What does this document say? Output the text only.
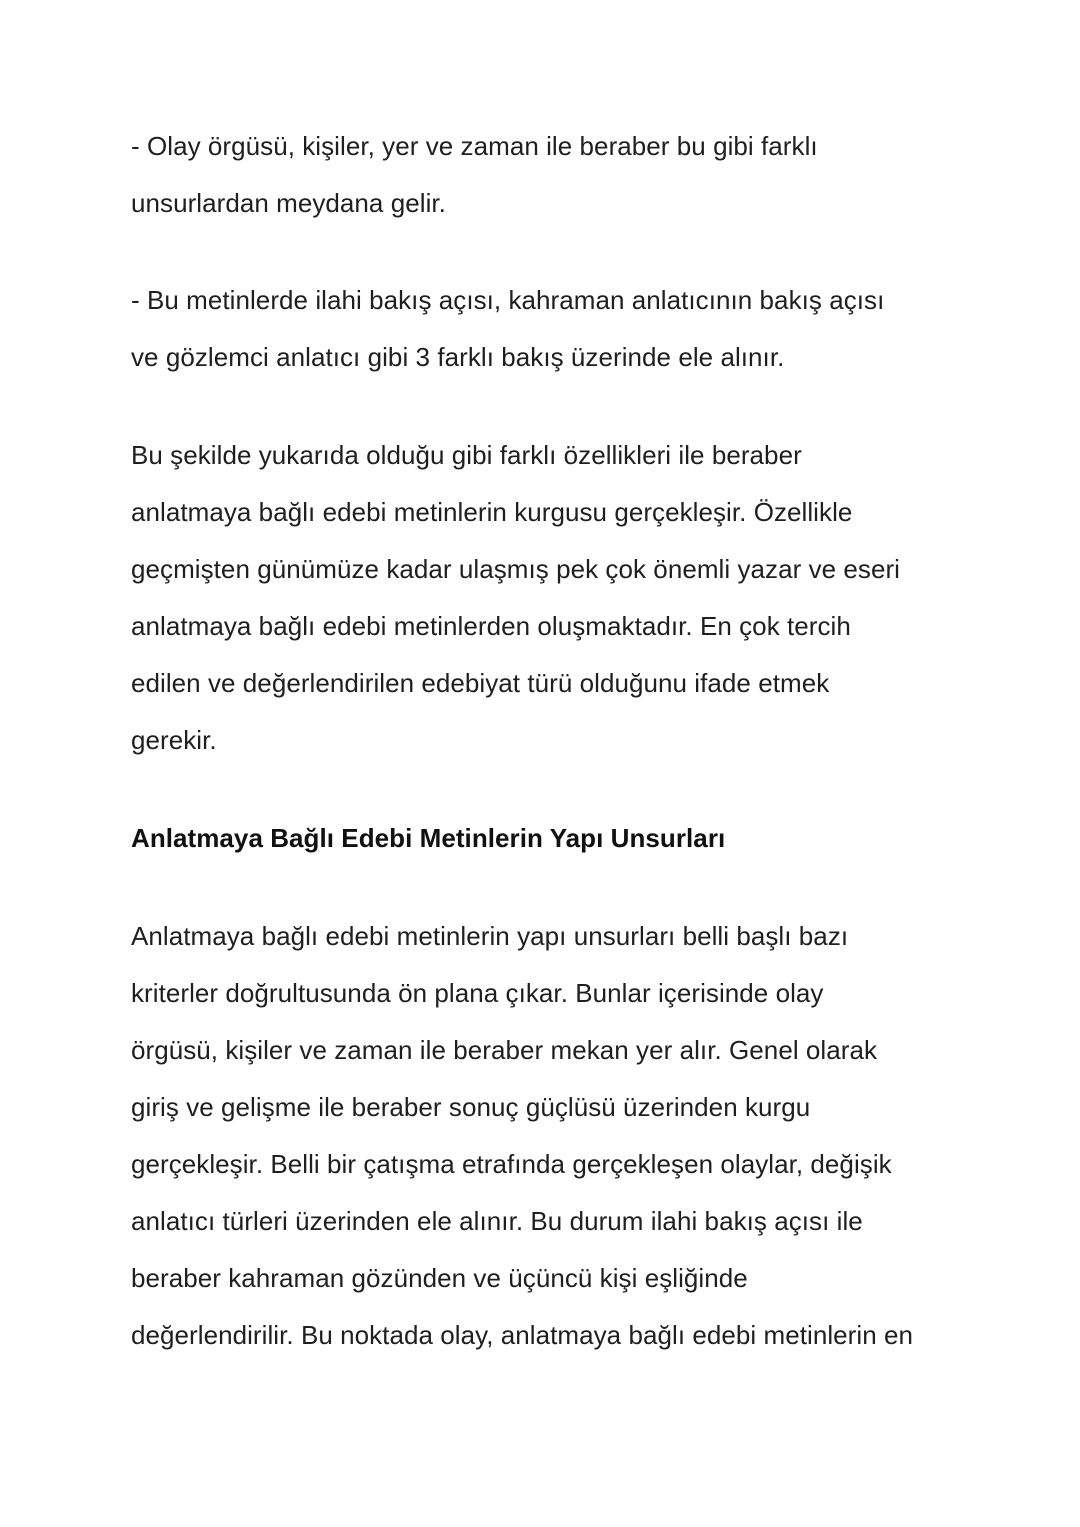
- Olay örgüsü, kişiler, yer ve zaman ile beraber bu gibi farklı
unsurlardan meydana gelir.
- Bu metinlerde ilahi bakış açısı, kahraman anlatıcının bakış açısı
ve gözlemci anlatıcı gibi 3 farklı bakış üzerinde ele alınır.
Bu şekilde yukarıda olduğu gibi farklı özellikleri ile beraber
anlatmaya bağlı edebi metinlerin kurgusu gerçekleşir. Özellikle
geçmişten günümüze kadar ulaşmış pek çok önemli yazar ve eseri
anlatmaya bağlı edebi metinlerden oluşmaktadır. En çok tercih
edilen ve değerlendirilen edebiyat türü olduğunu ifade etmek
gerekir.
Anlatmaya Bağlı Edebi Metinlerin Yapı Unsurları
Anlatmaya bağlı edebi metinlerin yapı unsurları belli başlı bazı
kriterler doğrultusunda ön plana çıkar. Bunlar içerisinde olay
örgüsü, kişiler ve zaman ile beraber mekan yer alır. Genel olarak
giriş ve gelişme ile beraber sonuç güçlüsü üzerinden kurgu
gerçekleşir. Belli bir çatışma etrafında gerçekleşen olaylar, değişik
anlatıcı türleri üzerinden ele alınır. Bu durum ilahi bakış açısı ile
beraber kahraman gözünden ve üçüncü kişi eşliğinde
değerlendirilir. Bu noktada olay, anlatmaya bağlı edebi metinlerin en
